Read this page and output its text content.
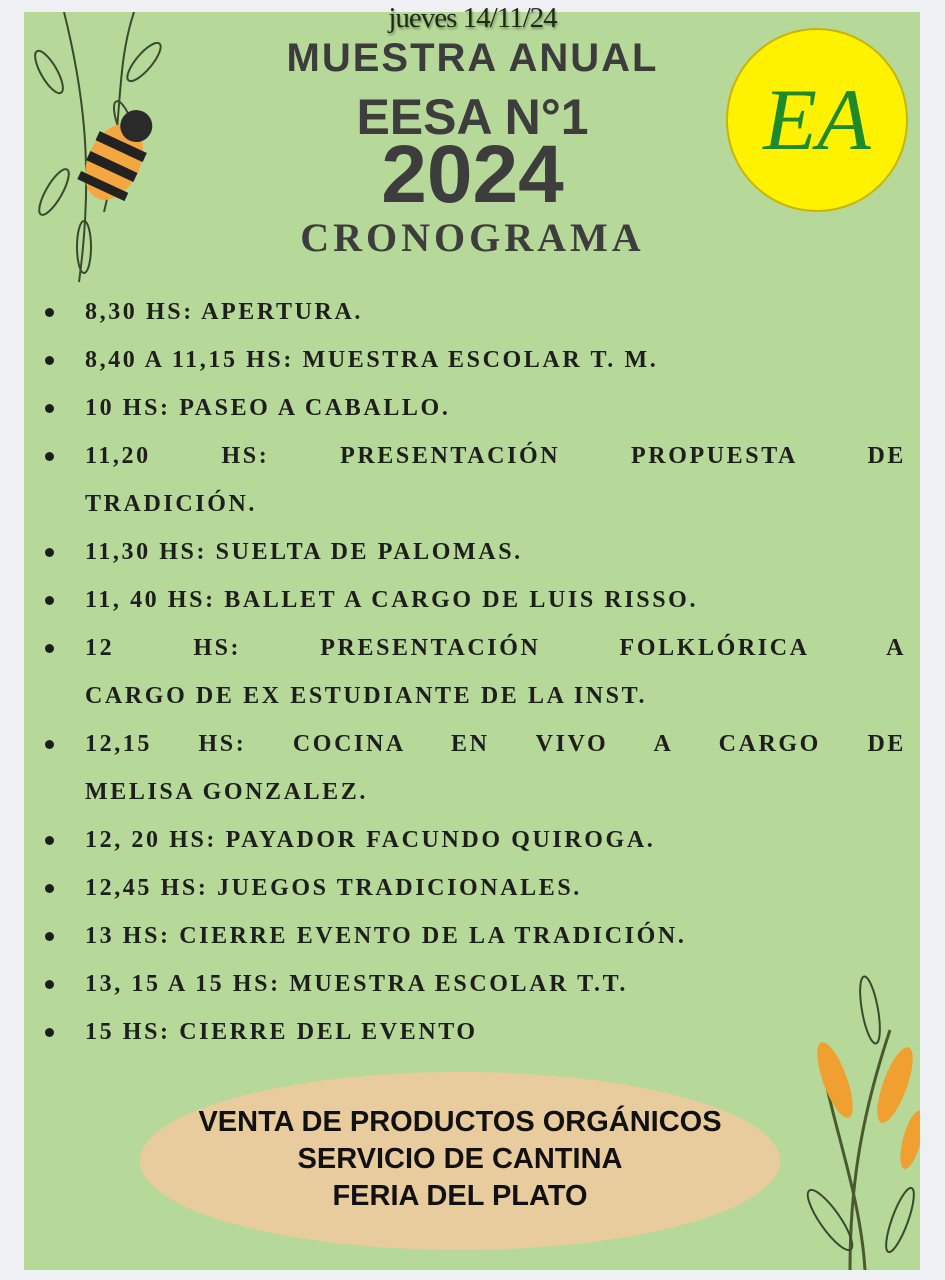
jueves 14/11/24
MUESTRA ANUAL
EESA N°1
2024
CRONOGRAMA
EA
8,30 HS: APERTURA.
8,40 A 11,15 HS: MUESTRA ESCOLAR T. M.
10 HS: PASEO A CABALLO.
11,20 HS: PRESENTACIÓN PROPUESTA DE
TRADICIÓN.
11,30 HS: SUELTA DE PALOMAS.
11, 40 HS: BALLET A CARGO DE LUIS RISSO.
12 HS: PRESENTACIÓN FOLKLÓRICA A
CARGO DE EX ESTUDIANTE DE LA INST.
12,15 HS: COCINA EN VIVO A CARGO DE
MELISA GONZALEZ.
12, 20 HS: PAYADOR FACUNDO QUIROGA.
12,45 HS: JUEGOS TRADICIONALES.
13 HS: CIERRE EVENTO DE LA TRADICIÓN.
13, 15 A 15 HS: MUESTRA ESCOLAR T.T.
15 HS: CIERRE DEL EVENTO
VENTA DE PRODUCTOS ORGÁNICOS
SERVICIO DE CANTINA
FERIA DEL PLATO
